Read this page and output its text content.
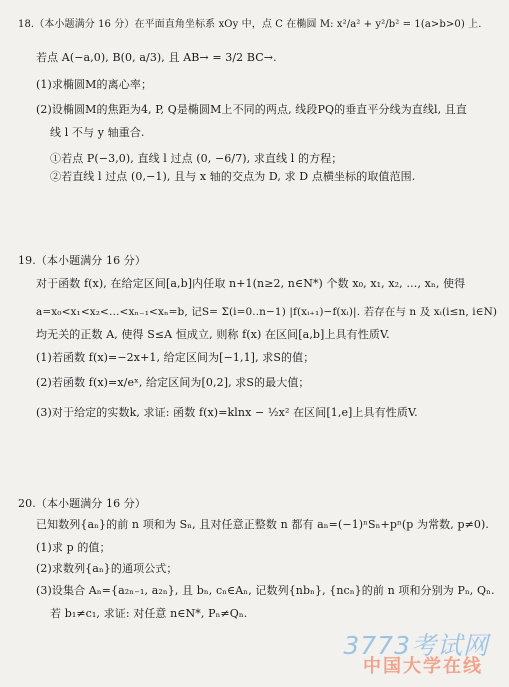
18.（本小题满分 16 分）在平面直角坐标系 xOy 中，点 C 在椭圆 M: x²/a² + y²/b² = 1(a>b>0) 上.
若点 A(−a,0), B(0, a/3), 且 AB→ = 3/2 BC→.
(1)求椭圆M的离心率；
(2)设椭圆M的焦距为4, P, Q是椭圆M上不同的两点, 线段PQ的垂直平分线为直线l, 且直
线 l 不与 y 轴重合.
①若点 P(−3,0), 直线 l 过点 (0, −6/7), 求直线 l 的方程；
②若直线 l 过点 (0,−1), 且与 x 轴的交点为 D, 求 D 点横坐标的取值范围.
19.（本小题满分 16 分）
对于函数 f(x), 在给定区间[a,b]内任取 n+1(n≥2, n∈N*) 个数 x₀, x₁, x₂, …, xₙ, 使得
a=x₀<x₁<x₂<…<xₙ₋₁<xₙ=b, 记S= Σ(i=0..n−1) |f(xᵢ₊₁)−f(xᵢ)|. 若存在与 n 及 xᵢ(i≤n, i∈N)
均无关的正数 A, 使得 S≤A 恒成立, 则称 f(x) 在区间[a,b]上具有性质V.
(1)若函数 f(x)=−2x+1, 给定区间为[−1,1], 求S的值；
(2)若函数 f(x)=x/eˣ, 给定区间为[0,2], 求S的最大值；
(3)对于给定的实数k, 求证: 函数 f(x)=klnx − ½x² 在区间[1,e]上具有性质V.
20.（本小题满分 16 分）
已知数列{aₙ}的前 n 项和为 Sₙ, 且对任意正整数 n 都有 aₙ=(−1)ⁿSₙ+pⁿ(p 为常数, p≠0).
(1)求 p 的值；
(2)求数列{aₙ}的通项公式；
(3)设集合 Aₙ={a₂ₙ₋₁, a₂ₙ}, 且 bₙ, cₙ∈Aₙ, 记数列{nbₙ}, {ncₙ}的前 n 项和分别为 Pₙ, Qₙ.
若 b₁≠c₁, 求证: 对任意 n∈N*, Pₙ≠Qₙ.
3773考试网
中国大学在线
